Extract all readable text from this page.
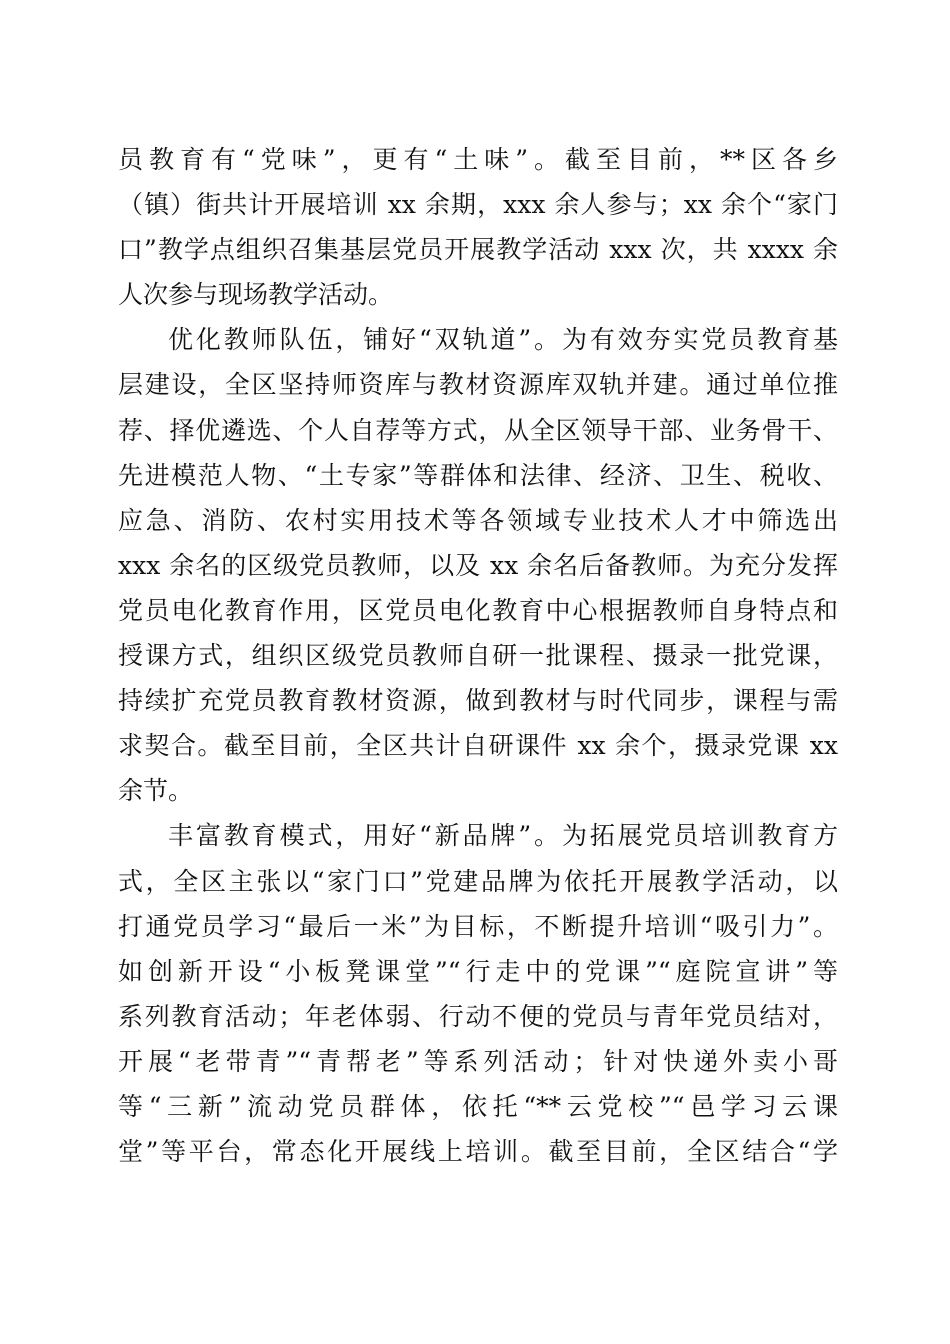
员教育有“党味”，更有“土味”。截至目前，**区各乡
（镇）街共计开展培训 xx 余期，xxx 余人参与；xx 余个“家门
口”教学点组织召集基层党员开展教学活动 xxx 次，共 xxxx 余
人次参与现场教学活动。

优化教师队伍，铺好“双轨道”。为有效夯实党员教育基
层建设，全区坚持师资库与教材资源库双轨并建。通过单位推
荐、择优遴选、个人自荐等方式，从全区领导干部、业务骨干、
先进模范人物、“土专家”等群体和法律、经济、卫生、税收、
应急、消防、农村实用技术等各领域专业技术人才中筛选出
xxx 余名的区级党员教师，以及 xx 余名后备教师。为充分发挥
党员电化教育作用，区党员电化教育中心根据教师自身特点和
授课方式，组织区级党员教师自研一批课程、摄录一批党课，
持续扩充党员教育教材资源，做到教材与时代同步，课程与需
求契合。截至目前，全区共计自研课件 xx 余个，摄录党课 xx
余节。

丰富教育模式，用好“新品牌”。为拓展党员培训教育方
式，全区主张以“家门口”党建品牌为依托开展教学活动，以
打通党员学习“最后一米”为目标，不断提升培训“吸引力”。
如创新开设“小板凳课堂”“行走中的党课”“庭院宣讲”等
系列教育活动；年老体弱、行动不便的党员与青年党员结对，
开展“老带青”“青帮老”等系列活动；针对快递外卖小哥
等“三新”流动党员群体，依托“**云党校”“邑学习云课
堂”等平台，常态化开展线上培训。截至目前，全区结合“学
